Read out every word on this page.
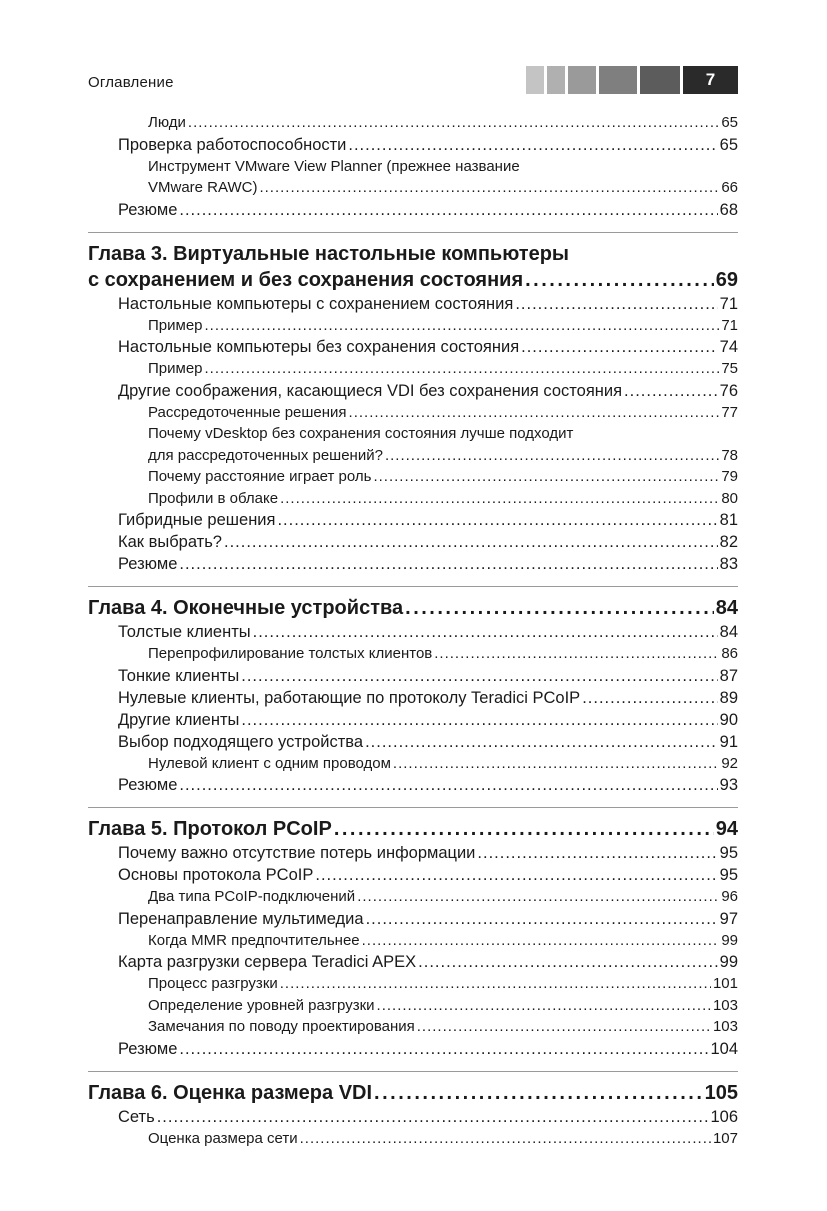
Оглавление	7
Люди .....	65
Проверка работоспособности .....	65
Инструмент VMware View Planner (прежнее название
VMware RAWC) .....	66
Резюме .....	68
Глава 3. Виртуальные настольные компьютеры
с сохранением и без сохранения состояния .....	69
Настольные компьютеры с сохранением состояния .....	71
Пример .....	71
Настольные компьютеры без сохранения состояния .....	74
Пример .....	75
Другие соображения, касающиеся VDI без сохранения состояния .....	76
Рассредоточенные решения .....	77
Почему vDesktop без сохранения состояния лучше подходит
для рассредоточенных решений? .....	78
Почему расстояние играет роль .....	79
Профили в облаке .....	80
Гибридные решения .....	81
Как выбрать? .....	82
Резюме .....	83
Глава 4. Оконечные устройства .....	84
Толстые клиенты .....	84
Перепрофилирование толстых клиентов .....	86
Тонкие клиенты .....	87
Нулевые клиенты, работающие по протоколу Teradici PCoIP .....	89
Другие клиенты .....	90
Выбор подходящего устройства .....	91
Нулевой клиент с одним проводом .....	92
Резюме .....	93
Глава 5. Протокол PCoIP .....	94
Почему важно отсутствие потерь информации .....	95
Основы протокола PCoIP .....	95
Два типа PCoIP-подключений .....	96
Перенаправление мультимедиа .....	97
Когда MMR предпочтительнее .....	99
Карта разгрузки сервера Teradici APEX .....	99
Процесс разгрузки .....	101
Определение уровней разгрузки .....	103
Замечания по поводу проектирования .....	103
Резюме .....	104
Глава 6. Оценка размера VDI .....	105
Сеть .....	106
Оценка размера сети .....	107
